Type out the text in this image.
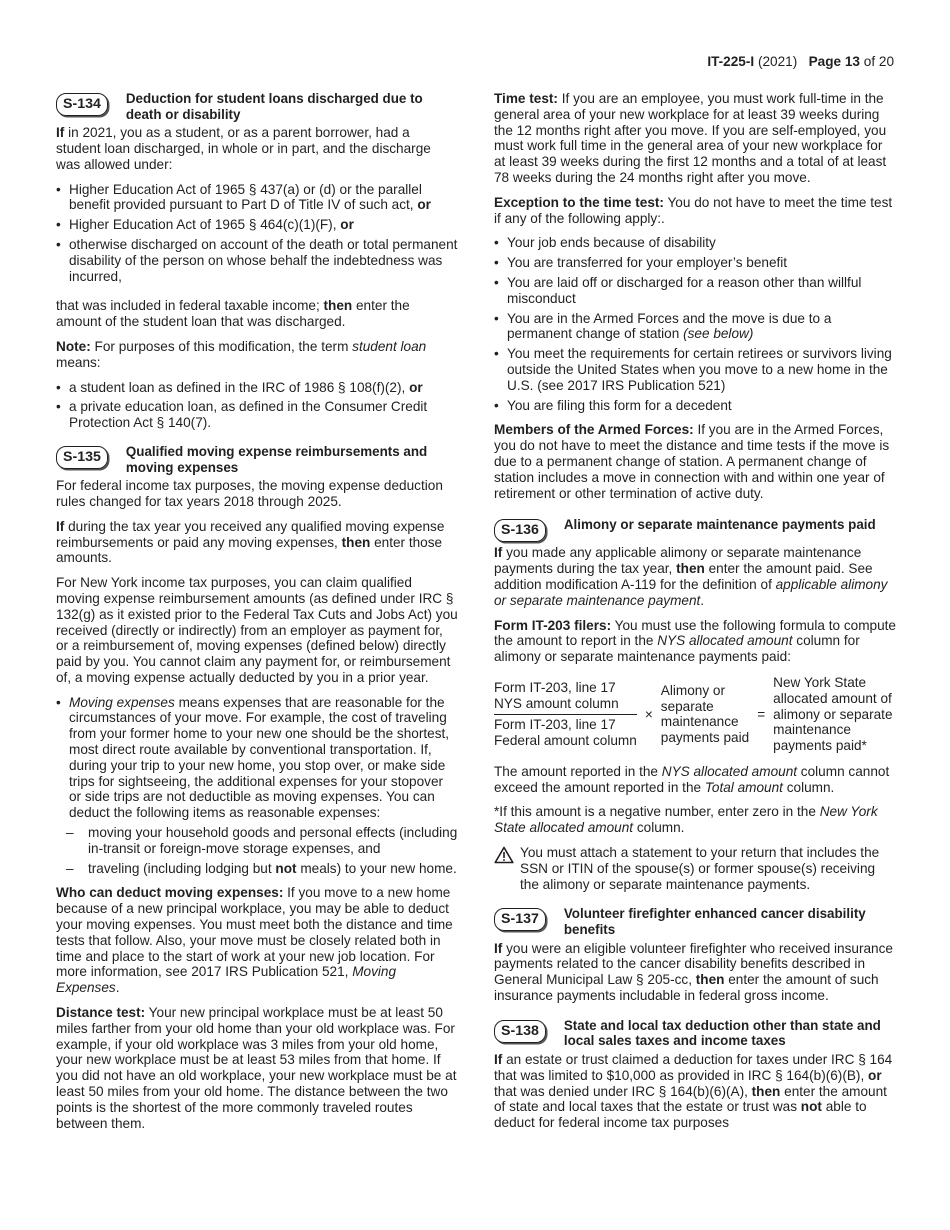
IT-225-I (2021) Page 13 of 20
S-134	Deduction for student loans discharged due to death or disability

If in 2021, you as a student, or as a parent borrower, had a student loan discharged, in whole or in part, and the discharge was allowed under:

• Higher Education Act of 1965 § 437(a) or (d) or the parallel benefit provided pursuant to Part D of Title IV of such act, or
• Higher Education Act of 1965 § 464(c)(1)(F), or
• otherwise discharged on account of the death or total permanent disability of the person on whose behalf the indebtedness was incurred,

that was included in federal taxable income; then enter the amount of the student loan that was discharged.

Note: For purposes of this modification, the term student loan means:

• a student loan as defined in the IRC of 1986 § 108(f)(2), or
• a private education loan, as defined in the Consumer Credit Protection Act § 140(7).
S-135	Qualified moving expense reimbursements and moving expenses

For federal income tax purposes, the moving expense deduction rules changed for tax years 2018 through 2025.

If during the tax year you received any qualified moving expense reimbursements or paid any moving expenses, then enter those amounts.

For New York income tax purposes, you can claim qualified moving expense reimbursement amounts (as defined under IRC § 132(g) as it existed prior to the Federal Tax Cuts and Jobs Act) you received (directly or indirectly) from an employer as payment for, or a reimbursement of, moving expenses (defined below) directly paid by you. You cannot claim any payment for, or reimbursement of, a moving expense actually deducted by you in a prior year.

• Moving expenses means expenses that are reasonable for the circumstances of your move. For example, the cost of traveling from your former home to your new one should be the shortest, most direct route available by conventional transportation. If, during your trip to your new home, you stop over, or make side trips for sightseeing, the additional expenses for your stopover or side trips are not deductible as moving expenses. You can deduct the following items as reasonable expenses:
– moving your household goods and personal effects (including in-transit or foreign-move storage expenses, and
– traveling (including lodging but not meals) to your new home.

Who can deduct moving expenses: If you move to a new home because of a new principal workplace, you may be able to deduct your moving expenses. You must meet both the distance and time tests that follow. Also, your move must be closely related both in time and place to the start of work at your new job location. For more information, see 2017 IRS Publication 521, Moving Expenses.

Distance test: Your new principal workplace must be at least 50 miles farther from your old home than your old workplace was. For example, if your old workplace was 3 miles from your old home, your new workplace must be at least 53 miles from that home. If you did not have an old workplace, your new workplace must be at least 50 miles from your old home. The distance between the two points is the shortest of the more commonly traveled routes between them.

Time test: If you are an employee, you must work full-time in the general area of your new workplace for at least 39 weeks during the 12 months right after you move. If you are self-employed, you must work full time in the general area of your new workplace for at least 39 weeks during the first 12 months and a total of at least 78 weeks during the 24 months right after you move.

Exception to the time test: You do not have to meet the time test if any of the following apply:.

• Your job ends because of disability
• You are transferred for your employer’s benefit
• You are laid off or discharged for a reason other than willful misconduct
• You are in the Armed Forces and the move is due to a permanent change of station (see below)
• You meet the requirements for certain retirees or survivors living outside the United States when you move to a new home in the U.S. (see 2017 IRS Publication 521)
• You are filing this form for a decedent

Members of the Armed Forces: If you are in the Armed Forces, you do not have to meet the distance and time tests if the move is due to a permanent change of station. A permanent change of station includes a move in connection with and within one year of retirement or other termination of active duty.

S-136	Alimony or separate maintenance payments paid

If you made any applicable alimony or separate maintenance payments during the tax year, then enter the amount paid. See addition modification A-119 for the definition of applicable alimony or separate maintenance payment.

Form IT-203 filers: You must use the following formula to compute the amount to report in the NYS allocated amount column for alimony or separate maintenance payments paid:

Form IT-203, line 17
NYS amount column
Form IT-203, line 17
Federal amount column ×
Alimony or
separate
maintenance
payments paid
=
New York State
allocated amount of
alimony or separate
maintenance
payments paid*

The amount reported in the NYS allocated amount column cannot exceed the amount reported in the Total amount column.

*If this amount is a negative number, enter zero in the New York State allocated amount column.

You must attach a statement to your return that includes the SSN or ITIN of the spouse(s) or former spouse(s) receiving the alimony or separate maintenance payments.
S-137	Volunteer firefighter enhanced cancer disability benefits

If you were an eligible volunteer firefighter who received insurance payments related to the cancer disability benefits described in General Municipal Law § 205-cc, then enter the amount of such insurance payments includable in federal gross income.

S-138	State and local tax deduction other than state and local sales taxes and income taxes

If an estate or trust claimed a deduction for taxes under IRC § 164 that was limited to $10,000 as provided in IRC § 164(b)(6)(B), or that was denied under IRC § 164(b)(6)(A), then enter the amount of state and local taxes that the estate or trust was not able to deduct for federal income tax purposes
